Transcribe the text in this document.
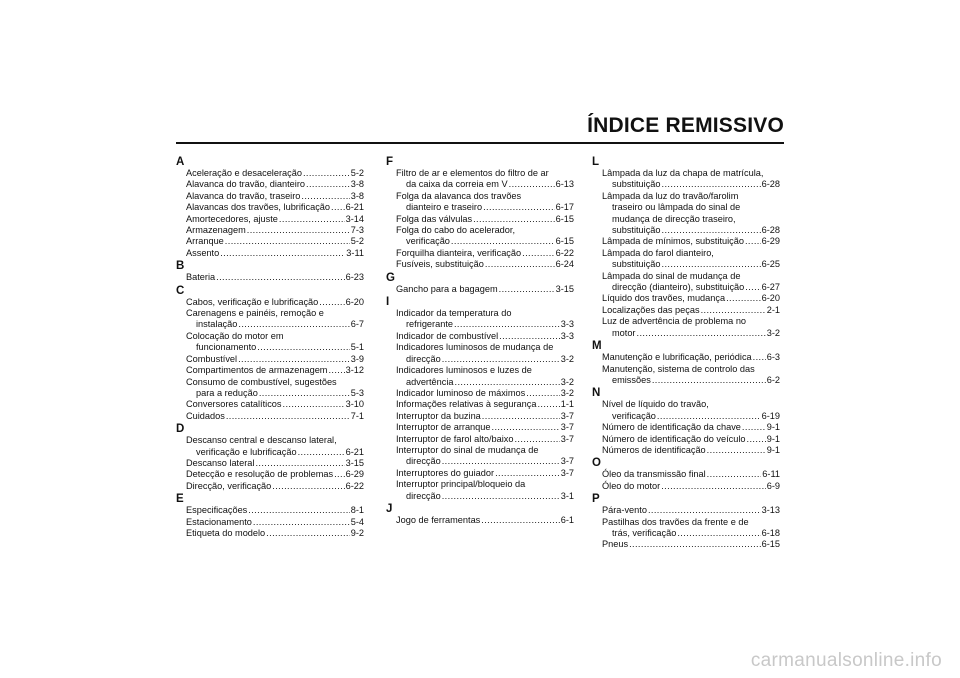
ÍNDICE REMISSIVO
A
Aceleração e desaceleração .....	5-2
Alavanca do travão, dianteiro .....	3-8
Alavanca do travão, traseiro .....	3-8
Alavancas dos travões, lubrificação ..... 6-21
Amortecedores, ajuste .....	3-14
Armazenagem .....	7-3
Arranque .....	5-2
Assento .....	3-11
B
Bateria .....	6-23
C
Cabos, verificação e lubrificação .....	6-20
Carenagens e painéis, remoção e
instalação .....	6-7
Colocação do motor em
funcionamento .....	5-1
Combustível .....	3-9
Compartimentos de armazenagem ..... 3-12
Consumo de combustível, sugestões
para a redução .....	5-3
Conversores catalíticos .....	3-10
Cuidados .....	7-1
D
Descanso central e descanso lateral,
verificação e lubrificação .....	6-21
Descanso lateral .....	3-15
Detecção e resolução de problemas ..... 6-29
Direcção, verificação .....	6-22
E
Especificações .....	8-1
Estacionamento .....	5-4
Etiqueta do modelo .....	9-2
F
Filtro de ar e elementos do filtro de ar
da caixa da correia em V .....	6-13
Folga da alavanca dos travões
dianteiro e traseiro .....	6-17
Folga das válvulas .....	6-15
Folga do cabo do acelerador,
verificação .....	6-15
Forquilha dianteira, verificação .....	6-22
Fusíveis, substituição .....	6-24
G
Gancho para a bagagem .....	3-15
I
Indicador da temperatura do
refrigerante .....	3-3
Indicador de combustível .....	3-3
Indicadores luminosos de mudança de
direcção .....	3-2
Indicadores luminosos e luzes de
advertência .....	3-2
Indicador luminoso de máximos .....	3-2
Informações relativas à segurança .....	1-1
Interruptor da buzina .....	3-7
Interruptor de arranque .....	3-7
Interruptor de farol alto/baixo .....	3-7
Interruptor do sinal de mudança de
direcção .....	3-7
Interruptores do guiador .....	3-7
Interruptor principal/bloqueio da
direcção .....	3-1
J
Jogo de ferramentas .....	6-1
L
Lâmpada da luz da chapa de matrícula,
substituição .....	6-28
Lâmpada da luz do travão/farolim
traseiro ou lâmpada do sinal de
mudança de direcção traseiro,
substituição .....	6-28
Lâmpada de mínimos, substituição ..... 6-29
Lâmpada do farol dianteiro,
substituição .....	6-25
Lâmpada do sinal de mudança de
direcção (dianteiro), substituição ..... 6-27
Líquido dos travões, mudança .....	6-20
Localizações das peças .....	2-1
Luz de advertência de problema no
motor .....	3-2
M
Manutenção e lubrificação, periódica ..... 6-3
Manutenção, sistema de controlo das
emissões .....	6-2
N
Nível de líquido do travão,
verificação .....	6-19
Número de identificação da chave .....	9-1
Número de identificação do veículo ..... 9-1
Números de identificação .....	9-1
O
Óleo da transmissão final .....	6-11
Óleo do motor .....	6-9
P
Pára-vento .....	3-13
Pastilhas dos travões da frente e de
trás, verificação .....	6-18
Pneus .....	6-15
carmanualsonline.info
